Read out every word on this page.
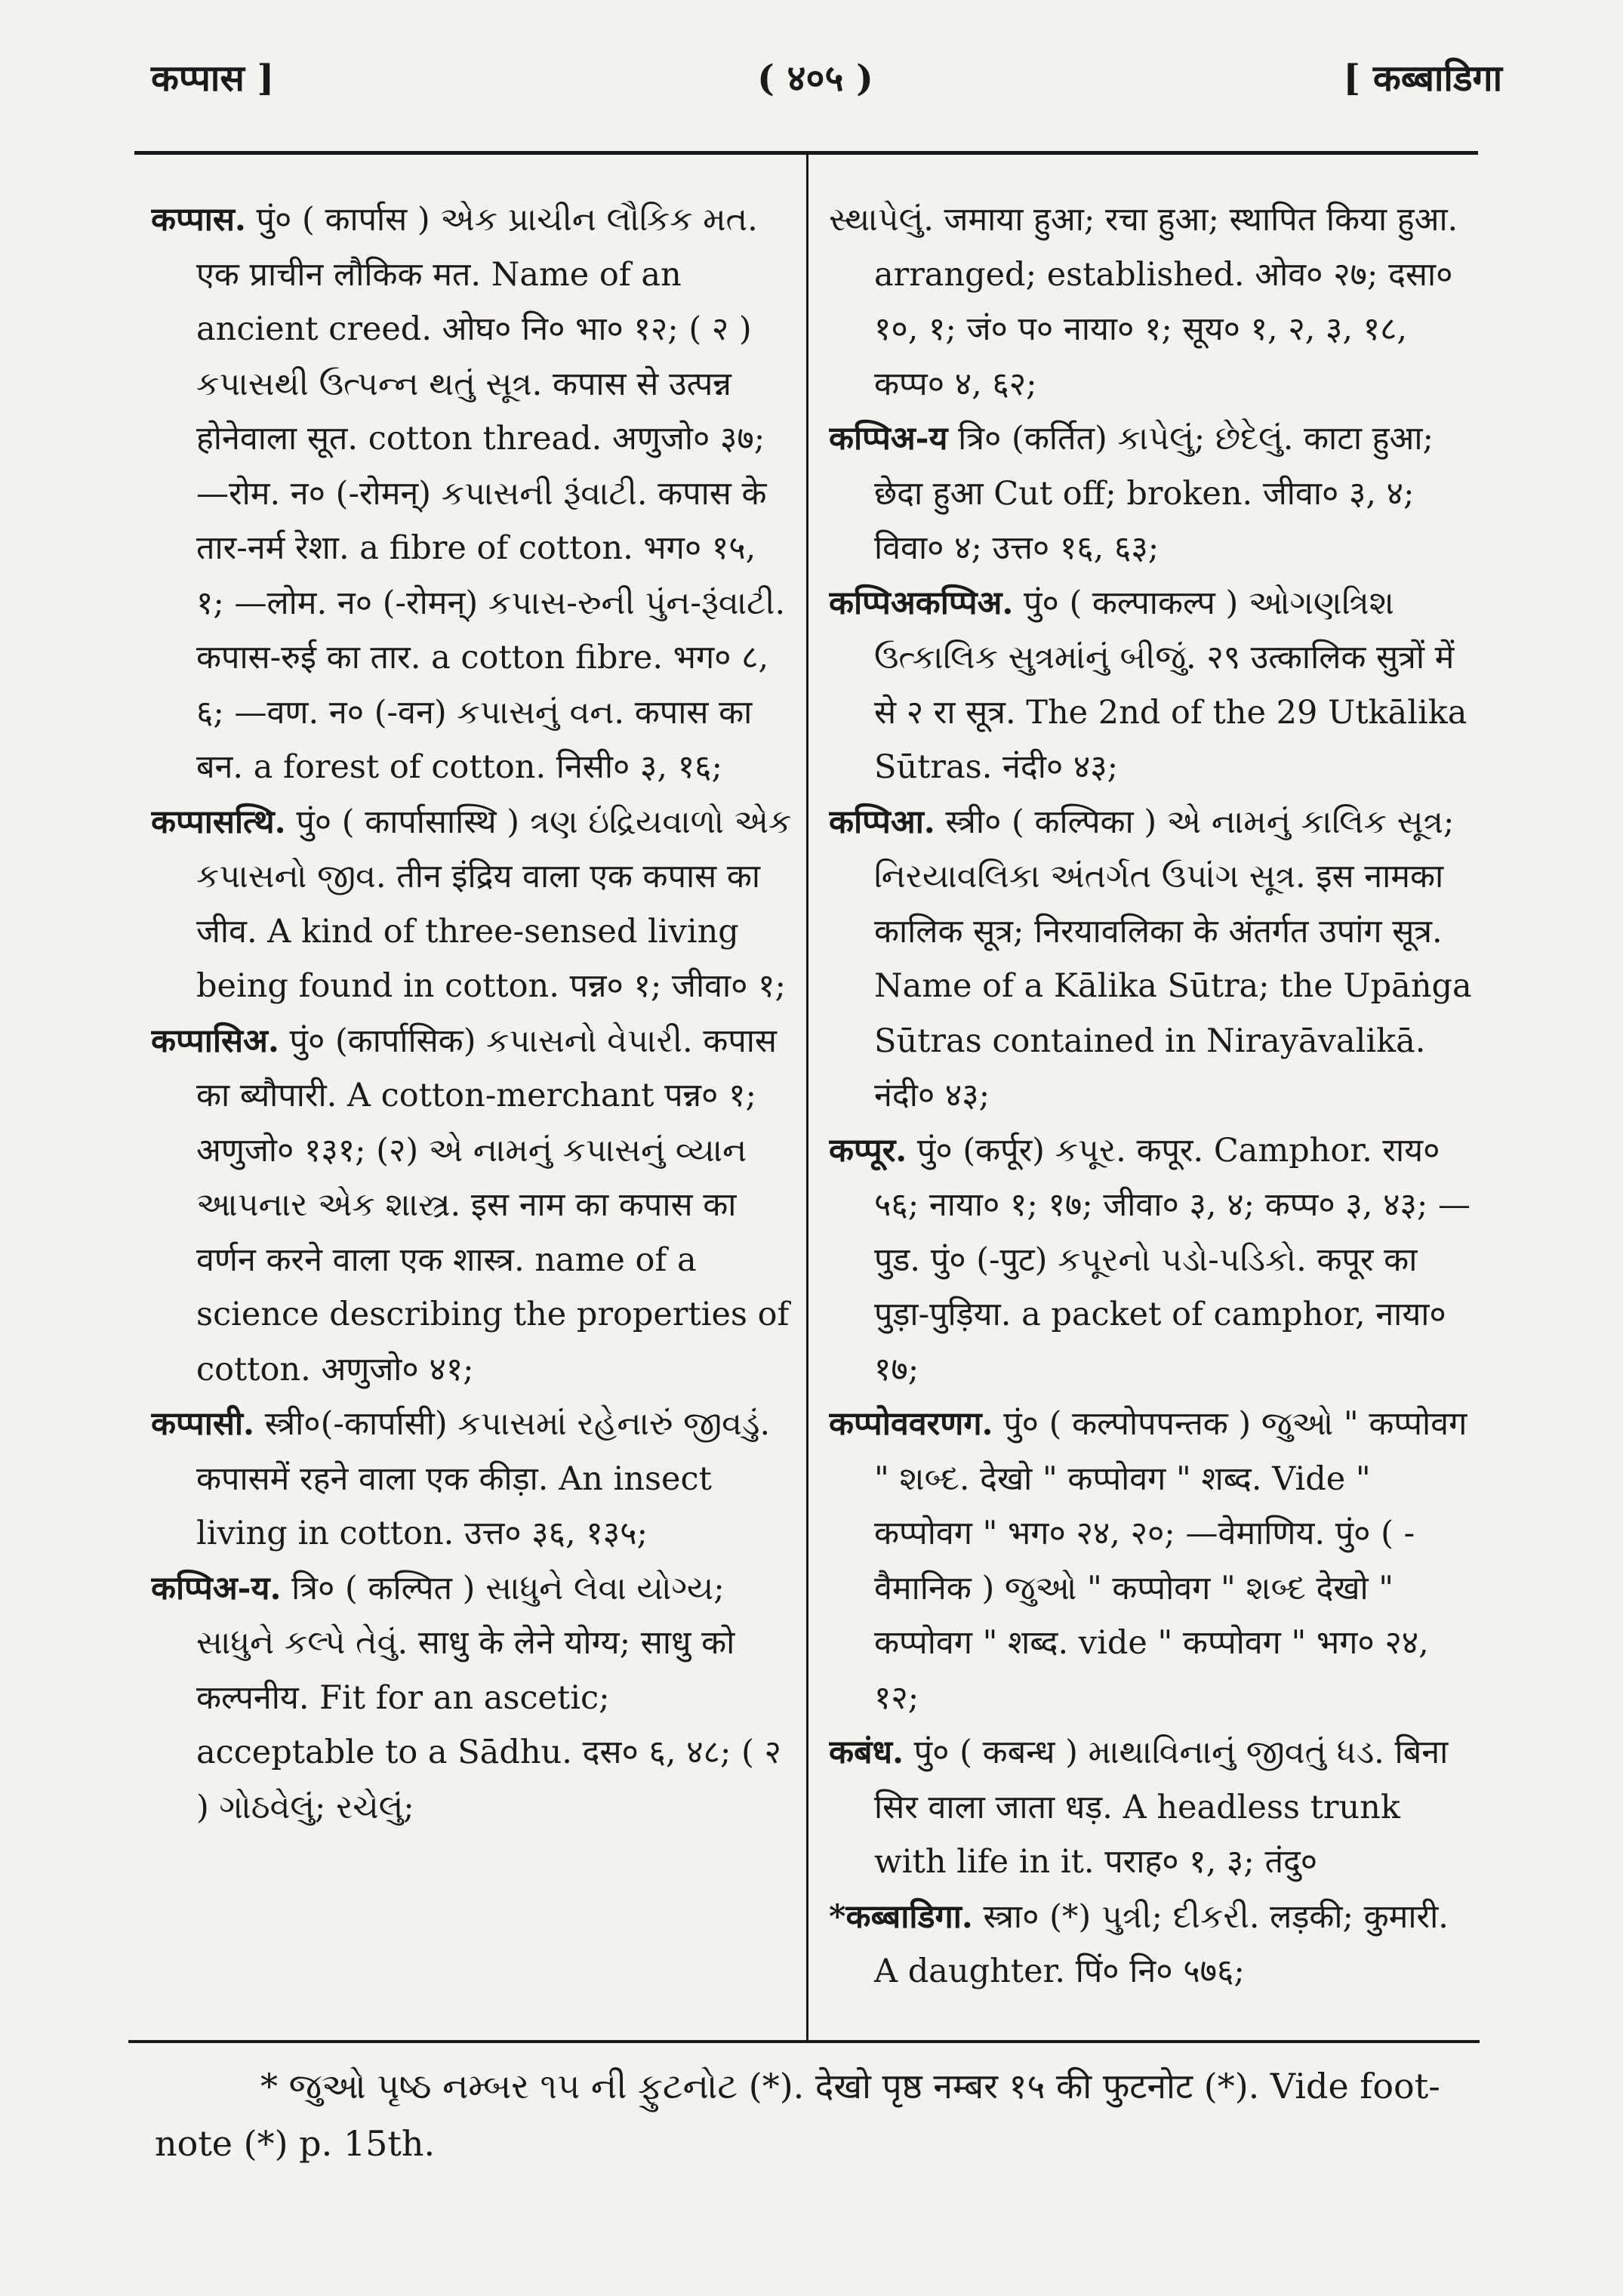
कप्पास ]	( ४०५ )	[ कब्बाडिगा

कप्पास. पुं० ( कार्पास ) એક પ્રાચીન લૌકિક મત. एक प्राचीन लौकिक मत. Name of an ancient creed. ओघ० नि० भा० १२; ( २ ) કપાસથી ઉત્પન્ન થતું સૂત્ર. कपास से उत्पन्न होनेवाला सूत. cotton thread. अणुजो० ३७; —रोम. न० (-रोमन्) કપાસની રૂંવાટી. कपास के तार-नर्म रेशा. a fibre of cotton. भग० १५, १; —लोम. न० (-रोमन्) કપાસ-રુની પુંન-રૂંવાટી. कपास-रुई का तार. a cotton fibre. भग० ८, ६; —वण. न० (-वन) કપાસનું વન. कपास का बन. a forest of cotton. निसी० ३, १६;

कप्पासत्थि. पुं० ( कार्पासास्थि ) ત્રણ ઇંદ્રિયવાળો એક કપાસનો જીવ. तीन इंद्रिय वाला एक कपास का जीव. A kind of three-sensed living being found in cotton. पन्न० १; जीवा० १;

कप्पासिअ. पुं० (कार्पासिक) કપાસનો વેપારી. कपास का ब्यौपारी. A cotton-merchant पन्न० १; अणुजो० १३१; (२) એ નામનું કપાસનું વ્યાન આપનાર એક શાસ્ત્ર. इस नाम का कपास का वर्णन करने वाला एक शास्त्र. name of a science describing the properties of cotton. अणुजो० ४१;

कप्पासी. स्त्री०(-कार्पासी) કપાસમાં રહેનારું જીવડું. कपासमें रहने वाला एक कीड़ा. An insect living in cotton. उत्त० ३६, १३५;

कप्पिअ-य. त्रि० ( कल्पित ) સાધુને લેવા યોગ્ય; સાધુને કલ્પે તેવું. साधु के लेने योग्य; साधु को कल्पनीय. Fit for an ascetic; acceptable to a Sādhu. दस० ६, ४८; ( २ ) ગોઠવેલું; રચેલું;

સ્થાપેલું. जमाया हुआ; रचा हुआ; स्थापित किया हुआ. arranged; established. ओव० २७; दसा० १०, १; जं० प० नाया० १; सूय० १, २, ३, १८, कप्प० ४, ६२;

कप्पिअ-य त्रि० (कर्तित) કાપેલું; છેદેલું. काटा हुआ; छेदा हुआ Cut off; broken. जीवा० ३, ४; विवा० ४; उत्त० १६, ६३;

कप्पिअकप्पिअ. पुं० ( कल्पाकल्प ) ઓગણત્રિશ ઉત્કાલિક સુત્રમાંનું બીજું. २९ उत्कालिक सुत्रों में से २ रा सूत्र. The 2nd of the 29 Utkālika Sūtras. नंदी० ४३;

कप्पिआ. स्त्री० ( कल्पिका ) એ નામનું કાલિક સૂત્ર; નિરયાવલિકા અંતર્ગત ઉપાંગ સૂત્ર. इस नामका कालिक सूत्र; निरयावलिका के अंतर्गत उपांग सूत्र. Name of a Kālika Sūtra; the Upāṅga Sūtras contained in Nirayāvalikā. नंदी० ४३;

कप्पूर. पुं० (कर्पूर) કપૂર. कपूर. Camphor. राय० ५६; नाया० १; १७; जीवा० ३, ४; कप्प० ३, ४३; —पुड. पुं० (-पुट) કપૂરનો પડો-પડિકો. कपूर का पुड़ा-पुड़िया. a packet of camphor, नाया० १७;

कप्पोववरणग. पुं० ( कल्पोपपन्तक ) જુઓ " कप्पोवग " શબ્દ. देखो " कप्पोवग " शब्द. Vide " कप्पोवग " भग० २४, २०; —वेमाणिय. पुं० ( -वैमानिक ) જુઓ " कप्पोवग " શબ્દ देखो " कप्पोवग " शब्द. vide " कप्पोवग " भग० २४, १२;

कबंध. पुं० ( कबन्ध ) માથાવિનાનું જીવતું ધડ. बिना सिर वाला जाता धड़. A headless trunk with life in it. पराह० १, ३; तंदु०

*कब्बाडिगा. स्त्रा० (*) પુત્રી; દીકરી. लड़की; कुमारी. A daughter. पिं० नि० ५७६;

* જુઓ પૃષ્ઠ નમ્બર ૧૫ ની ફુટનોટ (*). देखो पृष्ठ नम्बर १५ की फुटनोट (*). Vide foot-note (*) p. 15th.
